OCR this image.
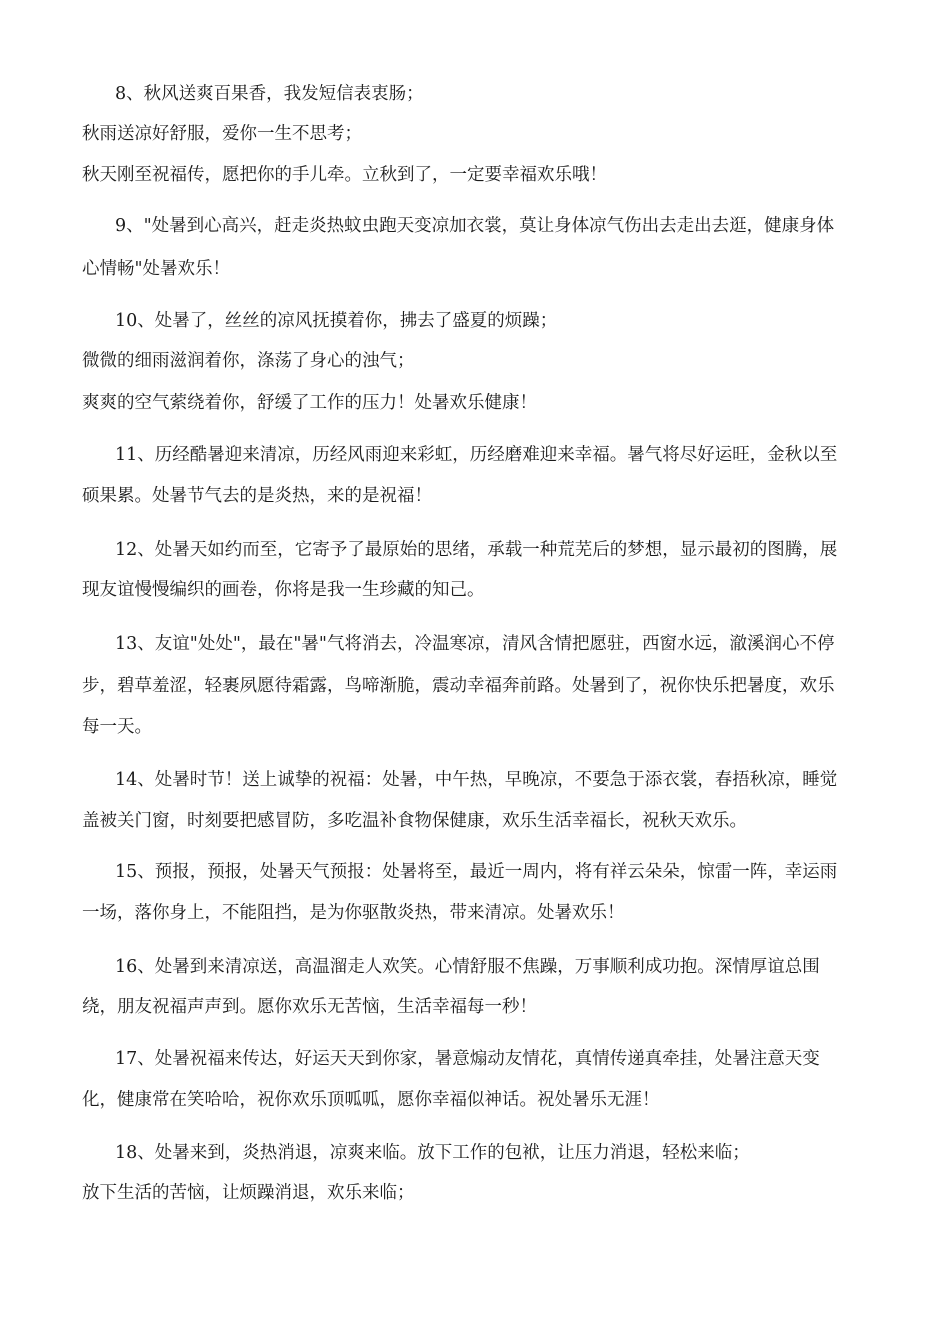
8、秋风送爽百果香，我发短信表衷肠；
秋雨送凉好舒服，爱你一生不思考；
秋天刚至祝福传，愿把你的手儿牵。立秋到了，一定要幸福欢乐哦！
9、"处暑到心高兴，赶走炎热蚊虫跑天变凉加衣裳，莫让身体凉气伤出去走出去逛，健康身体
心情畅"处暑欢乐！
10、处暑了，丝丝的凉风抚摸着你，拂去了盛夏的烦躁；
微微的细雨滋润着你，涤荡了身心的浊气；
爽爽的空气萦绕着你，舒缓了工作的压力！处暑欢乐健康！
11、历经酷暑迎来清凉，历经风雨迎来彩虹，历经磨难迎来幸福。暑气将尽好运旺，金秋以至
硕果累。处暑节气去的是炎热，来的是祝福！
12、处暑天如约而至，它寄予了最原始的思绪，承载一种荒芜后的梦想，显示最初的图腾，展
现友谊慢慢编织的画卷，你将是我一生珍藏的知己。
13、友谊"处处"，最在"暑"气将消去，冷温寒凉，清风含情把愿驻，西窗水远，澈溪润心不停
步，碧草羞涩，轻裹夙愿待霜露，鸟啼渐脆，震动幸福奔前路。处暑到了，祝你快乐把暑度，欢乐
每一天。
14、处暑时节！送上诚挚的祝福：处暑，中午热，早晚凉，不要急于添衣裳，春捂秋凉，睡觉
盖被关门窗，时刻要把感冒防，多吃温补食物保健康，欢乐生活幸福长，祝秋天欢乐。
15、预报，预报，处暑天气预报：处暑将至，最近一周内，将有祥云朵朵，惊雷一阵，幸运雨
一场，落你身上，不能阻挡，是为你驱散炎热，带来清凉。处暑欢乐！
16、处暑到来清凉送，高温溜走人欢笑。心情舒服不焦躁，万事顺利成功抱。深情厚谊总围
绕，朋友祝福声声到。愿你欢乐无苦恼，生活幸福每一秒！
17、处暑祝福来传达，好运天天到你家，暑意煽动友情花，真情传递真牵挂，处暑注意天变
化，健康常在笑哈哈，祝你欢乐顶呱呱，愿你幸福似神话。祝处暑乐无涯！
18、处暑来到，炎热消退，凉爽来临。放下工作的包袱，让压力消退，轻松来临；
放下生活的苦恼，让烦躁消退，欢乐来临；
